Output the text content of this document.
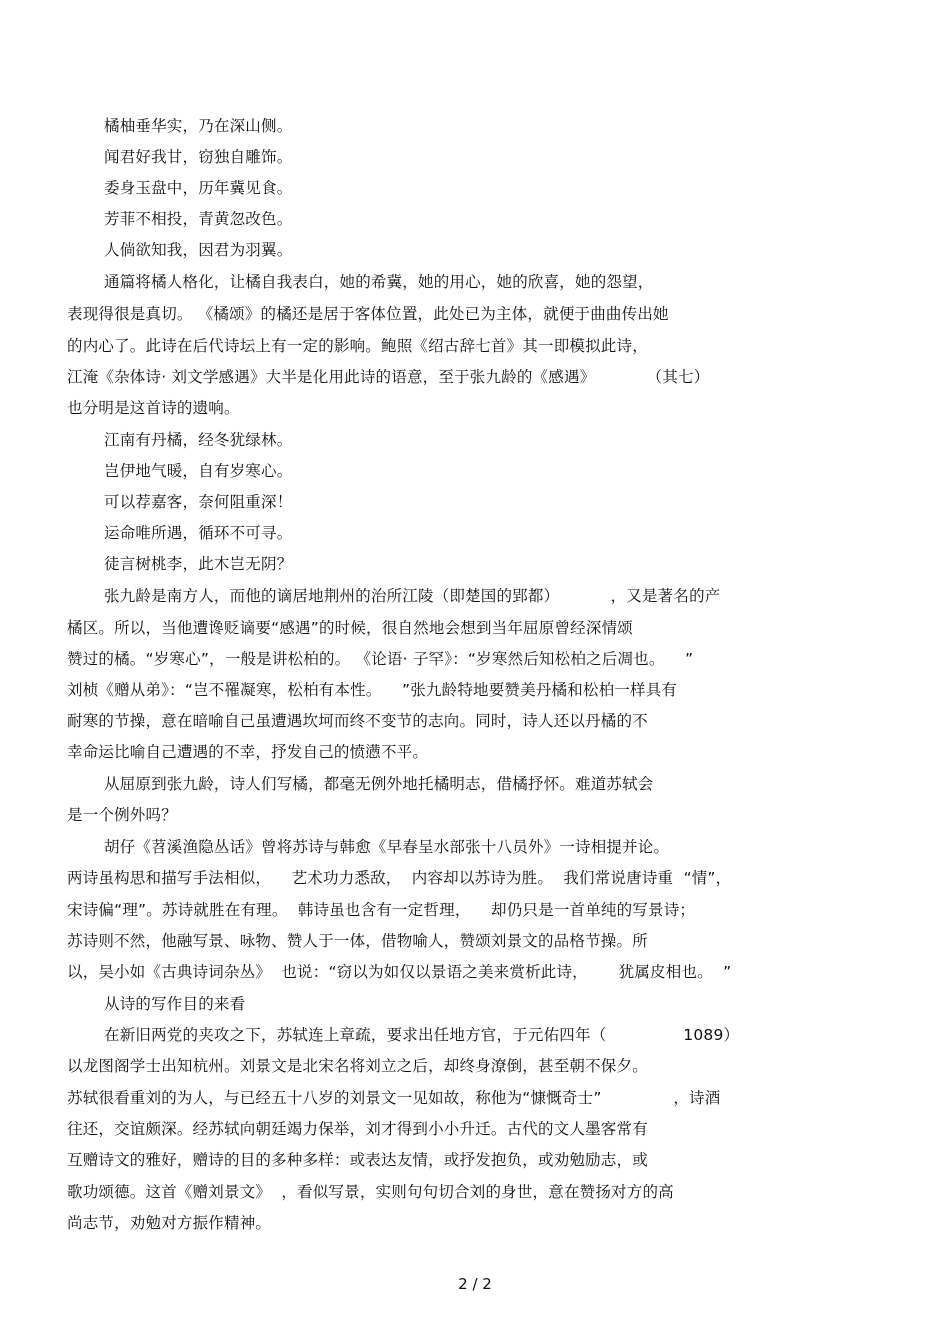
橘柚垂华实，乃在深山侧。
闻君好我甘，窃独自雕饰。
委身玉盘中，历年冀见食。
芳菲不相投，青黄忽改色。
人倘欲知我，因君为羽翼。
通篇将橘人格化，让橘自我表白，她的希冀，她的用心，她的欣喜，她的怨望，
表现得很是真切。 《橘颂》的橘还是居于客体位置，此处已为主体，就便于曲曲传出她
的内心了。此诗在后代诗坛上有一定的影响。鲍照《绍古辞七首》其一即模拟此诗，
江淹《杂体诗· 刘文学感遇》大半是化用此诗的语意，至于张九龄的《感遇》          （其七）
也分明是这首诗的遗响。
江南有丹橘，经冬犹绿林。
岂伊地气暖，自有岁寒心。
可以荐嘉客，奈何阻重深！
运命唯所遇，循环不可寻。
徒言树桃李，此木岂无阴？
张九龄是南方人，而他的谪居地荆州的治所江陵（即楚国的郢都）          ，又是著名的产
橘区。所以，当他遭谗贬谪要“感遇”的时候，很自然地会想到当年屈原曾经深情颂
赞过的橘。“岁寒心”，一般是讲松柏的。 《论语· 子罕》：“岁寒然后知松柏之后凋也。    ”
刘桢《赠从弟》：“岂不罹凝寒，松柏有本性。    ”张九龄特地要赞美丹橘和松柏一样具有
耐寒的节操，意在暗喻自己虽遭遇坎坷而终不变节的志向。同时，诗人还以丹橘的不
幸命运比喻自己遭遇的不幸，抒发自己的愤懑不平。
从屈原到张九龄，诗人们写橘，都毫无例外地托橘明志，借橘抒怀。难道苏轼会
是一个例外吗？
胡仔《苕溪渔隐丛话》曾将苏诗与韩愈《早春呈水部张十八员外》一诗相提并论。
两诗虽构思和描写手法相似，    艺术功力悉敌，  内容却以苏诗为胜。  我们常说唐诗重  “情”，
宋诗偏“理”。苏诗就胜在有理。  韩诗虽也含有一定哲理，    却仍只是一首单纯的写景诗；
苏诗则不然，他融写景、咏物、赞人于一体，借物喻人，赞颂刘景文的品格节操。所
以，吴小如《古典诗词杂丛》  也说：“窃以为如仅以景语之美来赏析此诗，      犹属皮相也。  ”
从诗的写作目的来看
在新旧两党的夹攻之下，苏轼连上章疏，要求出任地方官，于元佑四年（               1089）
以龙图阁学士出知杭州。刘景文是北宋名将刘立之后，却终身潦倒，甚至朝不保夕。
苏轼很看重刘的为人，与已经五十八岁的刘景文一见如故，称他为“慷慨奇士”              ，诗酒
往还，交谊颇深。经苏轼向朝廷竭力保举，刘才得到小小升迁。古代的文人墨客常有
互赠诗文的雅好，赠诗的目的多种多样：或表达友情，或抒发抱负，或劝勉励志，或
歌功颂德。这首《赠刘景文》  ，看似写景，实则句句切合刘的身世，意在赞扬对方的高
尚志节，劝勉对方振作精神。
2 / 2
